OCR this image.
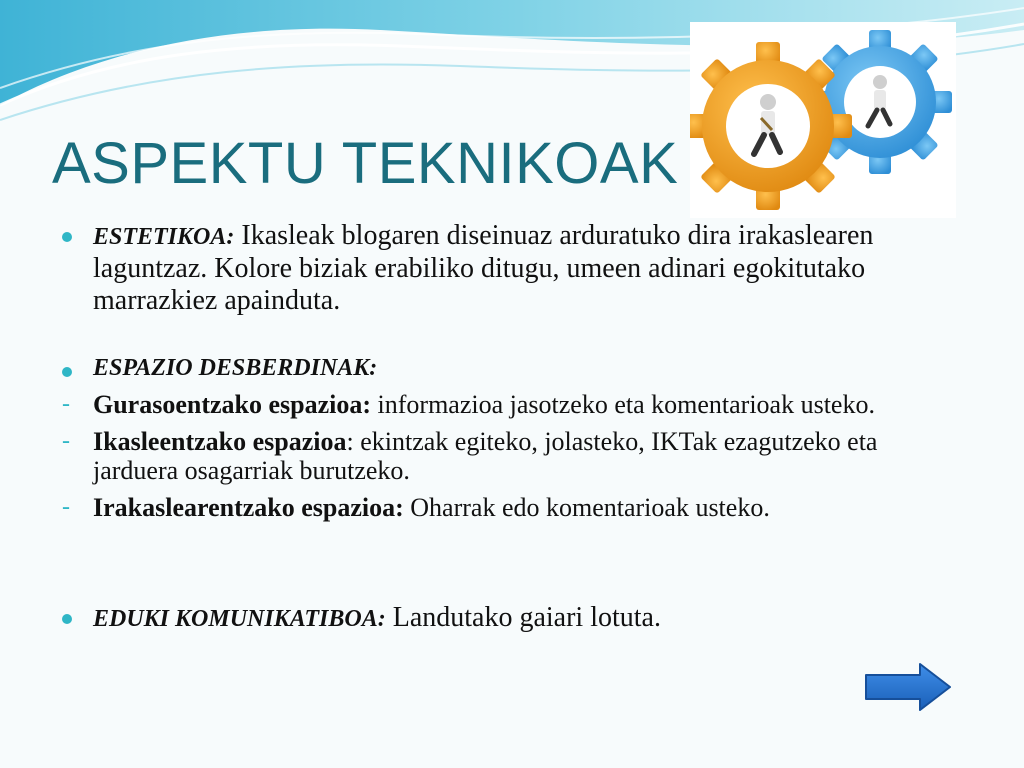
ASPEKTU TEKNIKOAK
ESTETIKOA: Ikasleak blogaren diseinuaz arduratuko dira irakaslearen laguntzaz. Kolore biziak erabiliko ditugu, umeen adinari egokitutako marrazkiez apainduta.
ESPAZIO DESBERDINAK:
- Gurasoentzako espazioa: informazioa jasotzeko eta komentarioak usteko.
- Ikasleentzako espazioa: ekintzak egiteko, jolasteko, IKTak ezagutzeko eta jarduera osagarriak burutzeko.
- Irakaslearentzako espazioa: Oharrak edo komentarioak usteko.
EDUKI KOMUNIKATIBOA: Landutako gaiari lotuta.
